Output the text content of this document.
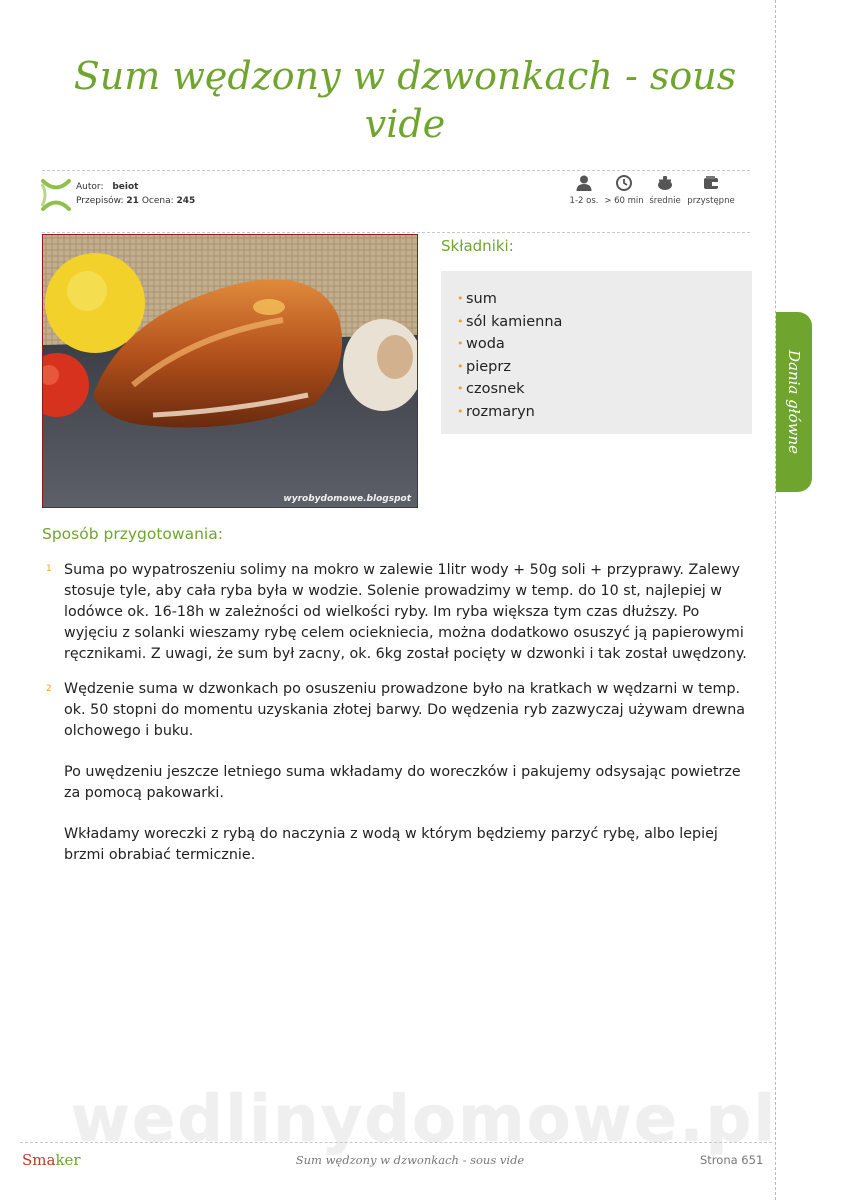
Sum wędzony w dzwonkach - sous vide
Autor: beiot
Przepisów: 21 Ocena: 245	1-2 os. > 60 min średnie przystępne
wyrobydomowe.blogspot
Składniki:
• sum
• sól kamienna
• woda
• pieprz
• czosnek
• rozmaryn
Sposób przygotowania:
1 Suma po wypatroszeniu solimy na mokro w zalewie 1litr wody + 50g soli + przyprawy. Zalewy stosuje tyle, aby cała ryba była w wodzie. Solenie prowadzimy w temp. do 10 st, najlepiej w lodówce ok. 16-18h w zależności od wielkości ryby. Im ryba większa tym czas dłuższy. Po wyjęciu z solanki wieszamy rybę celem ociekniecia, można dodatkowo osuszyć ją papierowymi ręcznikami. Z uwagi, że sum był zacny, ok. 6kg został pocięty w dzwonki i tak został uwędzony.
2 Wędzenie suma w dzwonkach po osuszeniu prowadzone było na kratkach w wędzarni w temp. ok. 50 stopni do momentu uzyskania złotej barwy. Do wędzenia ryb zazwyczaj używam drewna olchowego i buku.
Po uwędzeniu jeszcze letniego suma wkładamy do woreczków i pakujemy odsysając powietrze za pomocą pakowarki.
Wkładamy woreczki z rybą do naczynia z wodą w którym będziemy parzyć rybę, albo lepiej brzmi obrabiać termicznie.
Dania główne
wedlinydomowe.pl
Smaker	Sum wędzony w dzwonkach - sous vide	Strona 651
